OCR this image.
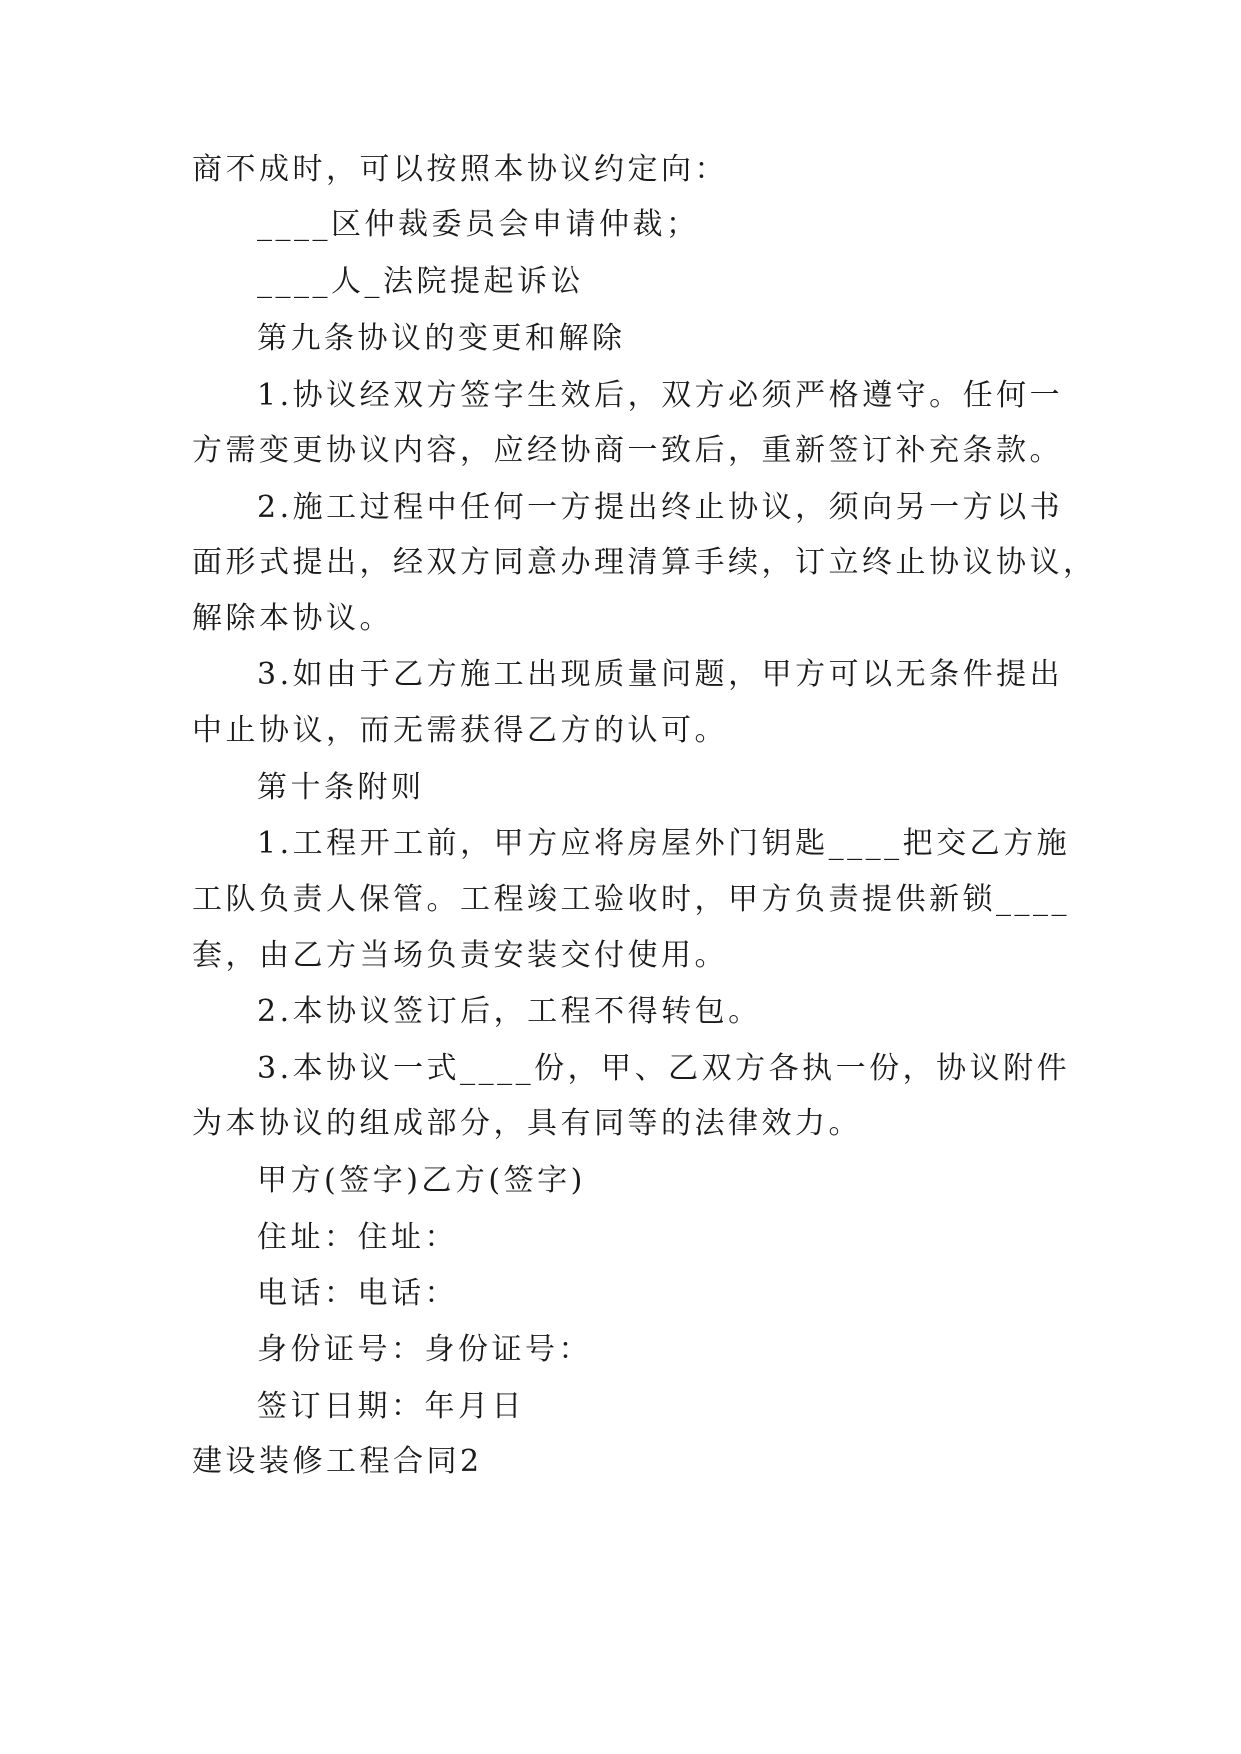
商不成时，可以按照本协议约定向：
____区仲裁委员会申请仲裁；
____人_法院提起诉讼
第九条协议的变更和解除
1.协议经双方签字生效后，双方必须严格遵守。任何一
方需变更协议内容，应经协商一致后，重新签订补充条款。
2.施工过程中任何一方提出终止协议，须向另一方以书
面形式提出，经双方同意办理清算手续，订立终止协议协议，
解除本协议。
3.如由于乙方施工出现质量问题，甲方可以无条件提出
中止协议，而无需获得乙方的认可。
第十条附则
1.工程开工前，甲方应将房屋外门钥匙____把交乙方施
工队负责人保管。工程竣工验收时，甲方负责提供新锁____
套，由乙方当场负责安装交付使用。
2.本协议签订后，工程不得转包。
3.本协议一式____份，甲、乙双方各执一份，协议附件
为本协议的组成部分，具有同等的法律效力。
甲方(签字)乙方(签字)
住址：住址：
电话：电话：
身份证号：身份证号：
签订日期：年月日
建设装修工程合同2
